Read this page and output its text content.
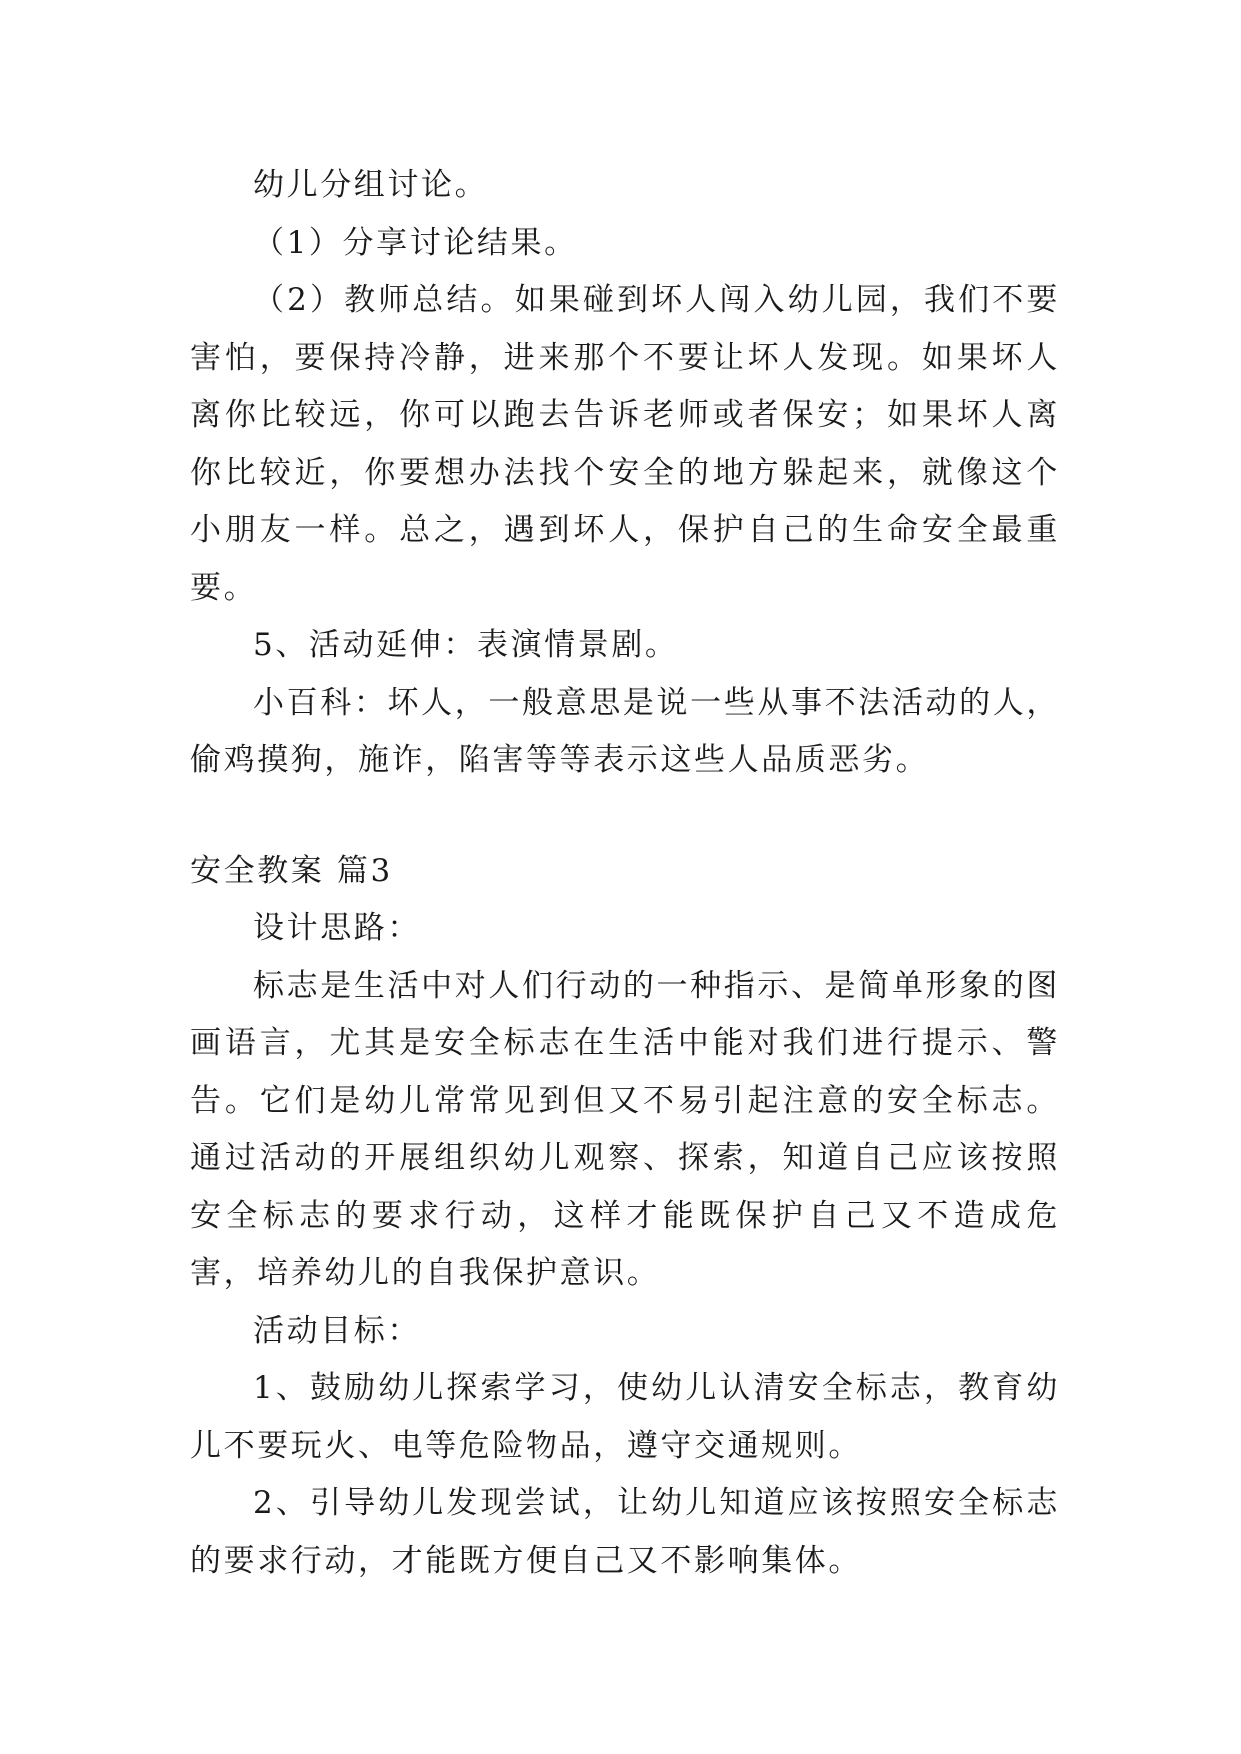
幼儿分组讨论。

（1）分享讨论结果。

（2）教师总结。如果碰到坏人闯入幼儿园，我们不要害怕，要保持冷静，进来那个不要让坏人发现。如果坏人离你比较远，你可以跑去告诉老师或者保安；如果坏人离你比较近，你要想办法找个安全的地方躲起来，就像这个小朋友一样。总之，遇到坏人，保护自己的生命安全最重要。

5、活动延伸：表演情景剧。

小百科：坏人，一般意思是说一些从事不法活动的人，偷鸡摸狗，施诈，陷害等等表示这些人品质恶劣。

安全教案 篇3

设计思路：

标志是生活中对人们行动的一种指示、是简单形象的图画语言，尤其是安全标志在生活中能对我们进行提示、警告。它们是幼儿常常见到但又不易引起注意的安全标志。通过活动的开展组织幼儿观察、探索，知道自己应该按照安全标志的要求行动，这样才能既保护自己又不造成危害，培养幼儿的自我保护意识。

活动目标：

1、鼓励幼儿探索学习，使幼儿认清安全标志，教育幼儿不要玩火、电等危险物品，遵守交通规则。

2、引导幼儿发现尝试，让幼儿知道应该按照安全标志的要求行动，才能既方便自己又不影响集体。
